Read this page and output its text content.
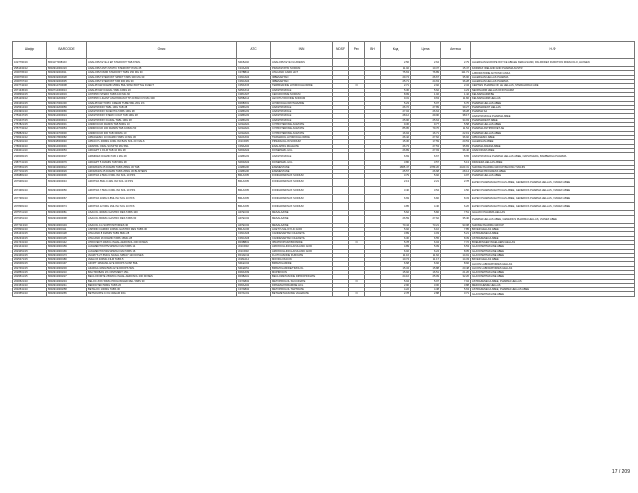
Шифр	BARCODE	Опис	ATC	INN	NDSF	Рег.	ВН	Код	Цена	Аптека	Н-Ф
1027760/16	8601177308163	ANALOPIZ EYE-2 EP STEROXIT TAB.8 5ML	S01BA02	ANALOPIZ EYE FLUIDESIS				2.56	2.64	2.79	ALLERGAN EUROPE ROYCE ABILEE KERALSAND, PALFRIDEX RUIDITION MIRACOLO, HAYEEN
2951432/12	8602914001023	ANALOPIZ ANTI-STATIC STEROXIT 8 MG 25	C10AA03	PRAVASTATIN SODIUM				11.02	10.37	15.47	FAIRMAX IRELAND AND PHARMA AUSTR
2000765/10	8602919003011	ANALOPIZ DMIR STEROXIT TABS 150 MG 30	C07BB12	ATACAND CARD HCT				75.63	76.89	111.71	LABORATORIE ANTONIO ANKA
2000766/10	8602919003028	ANALOPIZ STEROXIT SPIRIT TABS 300 MG 30	C09CA04	IRBESARTAN				29.74	26.67	35.96	ALLERGAN HELLAS PHARMA
2000767/10	8602919003035	ANALOPIZ STEROXIT TAB 300 MG 30	C09CA04	IRBESARTAN				25.71	24.63	36.28	ALLERGAN HELLAS PHARMA
2037742/10	8602914700008	ANALPIXAR DIAMIN 25MG 5ML SPAN BOTTLE INJECT	C05AX15	TERBINAFINE HYDROCHLORIDE		N		2.71	2.92	2.34	CERTAIN PHARMA OF LE HELLAS, STERALDRAC ADE
2071345/16	8602714300013	ANALPIXAR ICADAL TABL 10MG 20	N05AX14	ANASTROZOLE				5.36	5.62	4.23	NEOPHARM HELLAS DFR PHARM
2008362/15	8602916190019	ANTIPRO STERO TABS 100 MG 60	C08CA07	CEFUROXIME SODIUM				8.99	1.02	1.42	KELNAPHARM BE
2051203/12	8601913200047	ANTIPRO LIGANT ANHYDRAN 8 TP 20 BAN 0.5 MG 300	N05BA14	LEVOTHYROXINE SODIUM				9.31	9.63	11.82	KELNAPHARM HELLAS
2091361/15	8602917001030	ANALPIXAR TOPIC CREAM TUBE 5ML 20G 1%	D06BX01	HYDROCHLOROTHIAZIDE				5.23	5.07	6.76	PHARMA HELLAS ABEE
2025312/10	8602913200059	ANASTRONIX TABL 1MG TAB 28	L02BG03	ANASTROZOLE				26.72	27.89	39.27	PHARMADENT HELLAS
2034901/10	8602916000066	ANASTRONIX SCIENTIA TABS 1MG 28	L02BG03	ANASTROZOLE				27.04	26.64	38.28	PHARMA SA
2753447/15	8602914000024	ANASTRONIX STERO COAT TAB 1MG 28	L02BG03	ANASTROZOLE				28.12	29.90	38.17	ANASTROZOLE PHARMA ABEE
2719437/15	8602916000013	ANASTRONIX ICADAL TABL 1MG 28	L02BG03	ANASTROZOLE				25.96	25.64	34.93	PHARMADENT ABEE
2757821/15	8602914500031	ANDROCUR DIAMIN TAB 50MG 10	G03HA01	CYPROTERONE ACETATE				9.36	9.77	5.58	PHARMA HELLAS ABEE
2757732/12	8602914700054	ANDROCUR 100 DIAMIN TAB 100MG 50	G03HA01	CYPROTERONE ACETATE				85.95	79.76	11.54	PHARMA ANTIPROXET AE
2758823/12	8602913700030	ANDROCUR 300 TAB 300MG 10	G03HA01	CYPROTERONE ACETATE				16.94	16.71	22.19	PHARMA HELLAS ABEE
2736241/12	8602917800082	APRAGESIC 10 DIAMIN TABS 10 MG 30	N02AX02	TRAMADOL HYDROCHLORIDE				26.42	27.62	36.92	APRAGESIC ABEE
2762291/10	8602918000040	APRACYL 400MG 10ML INJ BAN SOL 20 VIALS	J01CR05	PIPERACILLIN SODIUM				15.36	17.59	20.53	ALLERGAN ABEE
2786332/10	8602914000046	ARAPRIL ORAL SUSP 50 MG 5ML	C09AA02	ENALAPRIL MALEATE				26.73	27.53	35.83	PHARMA ADERIA ABEE
2394011/10	8602914000053	ARICEPT 1 FILM TAB 10 MG 28	N06DA02	DONEPEZIL HCL				26.89	27.93	36.46	ANAFORUM ABEE
2396082/15	8602916900037	ARIMIDEX DIAMIN TAB 1 MG 28	L02BG03	ANASTROZOLE				6.69	6.67	8.65	ANASTROZOLE PHARMA HELLAS ABEE, NAPHTHERA, BAMBERGA PHARMA
2387741/16	8602914000079	ARICEPT 5 DIAMIN TAB 5MG 28	N06DA02	DONEPEZIL HCL				3.80	3.57	5.13	DRAVERA HELLAS ABEE
2076591/15	8601913900012	AROMASIN 25 DIAMIN TABS 25MG 30 TAB	L02BG06	EXEMESTANE				1865.47	1789.20	2420.31	SHIONE PHARMA GROUP BEIJING TIANJIN
2077191/15	8601913900029	AROMASIN 25 DIAMIN TABS 25MG 30 BLISTERS	L02BG06	EXEMESTANE				25.57	26.68	28.14	PHARMA PROGRESS ABEE
2069881/10	8602913900036	ARIXTRA 2.5MG 0.5ML INJ SOL 10 PFS	B01AX05	FONDAPARINUX SODIUM				3.79	5.92	4.97	PHARMA HELLAS ABEE
2079381/10	8602913900043	ARIXTRA 5MG 0.4ML INJ SOL 10 PFS	B01AX05	FONDAPARINUX SODIUM				2.13	2.21	2.78	ELPEN PHARMACEUTICALS ABEE, GENERICS PHARMA HELLAS, VIANEX ABEE
2074381/10	8602913900050	ARIXTRA 7.5MG 0.6ML INJ SOL 10 PFS	B01AX05	FONDAPARINUX SODIUM				3.40	3.54	4.50	ELPEN PHARMACEUTICALS ABEE, GENERICS PHARMA HELLAS, VIANEX ABEE
2077381/10	8602913900067	ARIXTRA 10MG 0.8ML INJ SOL 10 PFS	B01AX05	FONDAPARINUX SODIUM				6.69	6.82	8.33	ELPEN PHARMACEUTICALS ABEE, GENERICS PHARMA HELLAS, VIANEX ABEE
2078381/10	8602913900074	ARIXTRA 12.5MG 1ML INJ SOL 10 PFS	B01AX05	FONDAPARINUX SODIUM				4.85	4.46	6.26	ELPEN PHARMACEUTICALS ABEE, GENERICS PHARMA HELLAS, VIANEX ABEE
2075711/10	8602913900081	ASACOL 400MG GASTRO RES TABS 100	A07EC02	MESALAZINE				5.62	5.82	7.51	GALAXO PHARMA HELLAS
2076451/10	8602913900098	ASACOL 800MG GASTRO RES TABS 60	A07EC02	MESALAZINE				26.59	27.62	35.40	PHARMA HELLAS ABEE, GENERICS PHARMA HELLAS, VIANEX ABEE
2077113/10	8602913900104	ASACOL 1G SUPPOSITORIES 30	A07EC02	MESALAZINE				70.44	73.21	93.08	SHIONE PHARMA GROUP
2078291/10	8602913900111	ASPIRIN CARDIO 100MG GASTRO RES TABS 30	B01AC06	ACETYLSALICYLIC ACID				5.92	6.10	7.85	BAYER HELLAS ABEE
2061331/15	8602913900128	ATACAND 8 DIAMIN TABS 8MG 28	C09CA06	CANDESARTAN CILEXETIL				3.89	4.03	5.21	ASTRAZENECA ABEE
2062334/15	8602913900135	ATACAND 16 DIAMIN TABS 16MG 28	C09CA06	CANDESARTAN CILEXETIL				6.30	6.55	8.39	ASTRAZENECA ABEE
2017431/10	8602913900142	ATROVENT 20MCG INHAL AEROSOL 200 DOSES	R03BB01	IPRATROPIUM BROMIDE		N		5.78	6.04	7.72	BOEHRINGER INGELHEIM HELLAS
2021441/10	8602913900159	AUGMENTIN 875/125MG FILM TABS 14	J01CR02	AMOXICILLIN/CLAVULANIC ACID				4.89	5.09	6.53	GLAXOSMITHKLINE ABEE
2023451/15	8602913900166	AUGMENTIN 500/125MG FILM TABS 16	J01CR02	AMOXICILLIN/CLAVULANIC ACID				6.02	6.24	8.05	GLAXOSMITHKLINE ABEE
2024461/15	8602913900173	AVAMYS 27.5MCG NASAL SPRAY 120 DOSES	R01AD12	FLUTICASONE FUROATE				11.16	11.62	14.91	GLAXOSMITHKLINE ABEE
2025471/15	8602913900180	AVELOX 400MG FILM TABS 5	J01MA14	MOXIFLOXACIN				10.74	11.17	14.33	BAYER HELLAS ABEE
2026481/15	8602913900197	AZOPT 10MG/ML EYE DROPS SUSP 5ML	S01EC04	BRINZOLAMIDE				6.68	6.92	8.92	ALCON LABORATORIES HELLAS
2027491/15	8602913900203	AZARGA 10MG/5MG EYE DROPS 5ML	S01ED51	BRINZOLAMIDE/TIMOLOL				15.34	15.88	20.48	ALCON LABORATORIES HELLAS
2028501/15	8602913900210	BACTROBAN 2% OINTMENT 15G	D06AX09	MUPIROCIN				15.92	16.51	21.26	GLAXOSMITHKLINE ABEE
2029511/15	8602913900227	BECLOFORTE 250MCG INHAL AEROSOL 200 DOSES	R03BA01	BECLOMETASONE DIPROPIONATE				24.16	25.09	32.26	GLAXOSMITHKLINE ABEE
2030521/10	8602913900234	BELOC ZOK 50MG PROLONGED REL TABS 30	C07AB02	METOPROLOL SUCCINATE		N		5.94	5.97	7.94	ASTRAZENECA ABEE, PHARMA HELLAS
2031531/10	8602913900241	BENOCTEN 50MG TABS 20	R06AA02	DIPHENHYDRAMINE HCL				2.90	3.00	3.88	MEDOCHEMIE HELLAS
2032541/10	8602913900258	BETALOC 100MG TABS 30	C07AB02	METOPROLOL TARTRATE				4.22	4.38	5.63	ASTRAZENECA ABEE, PHARMA HELLAS ABEE
2033551/10	8602913900265	BETNOVATE 0.1% CREAM 30G	D07AC01	BETAMETHASONE VALERATE		N		2.78	2.88	3.71	GLAXOSMITHKLINE ABEE
17 / 209
